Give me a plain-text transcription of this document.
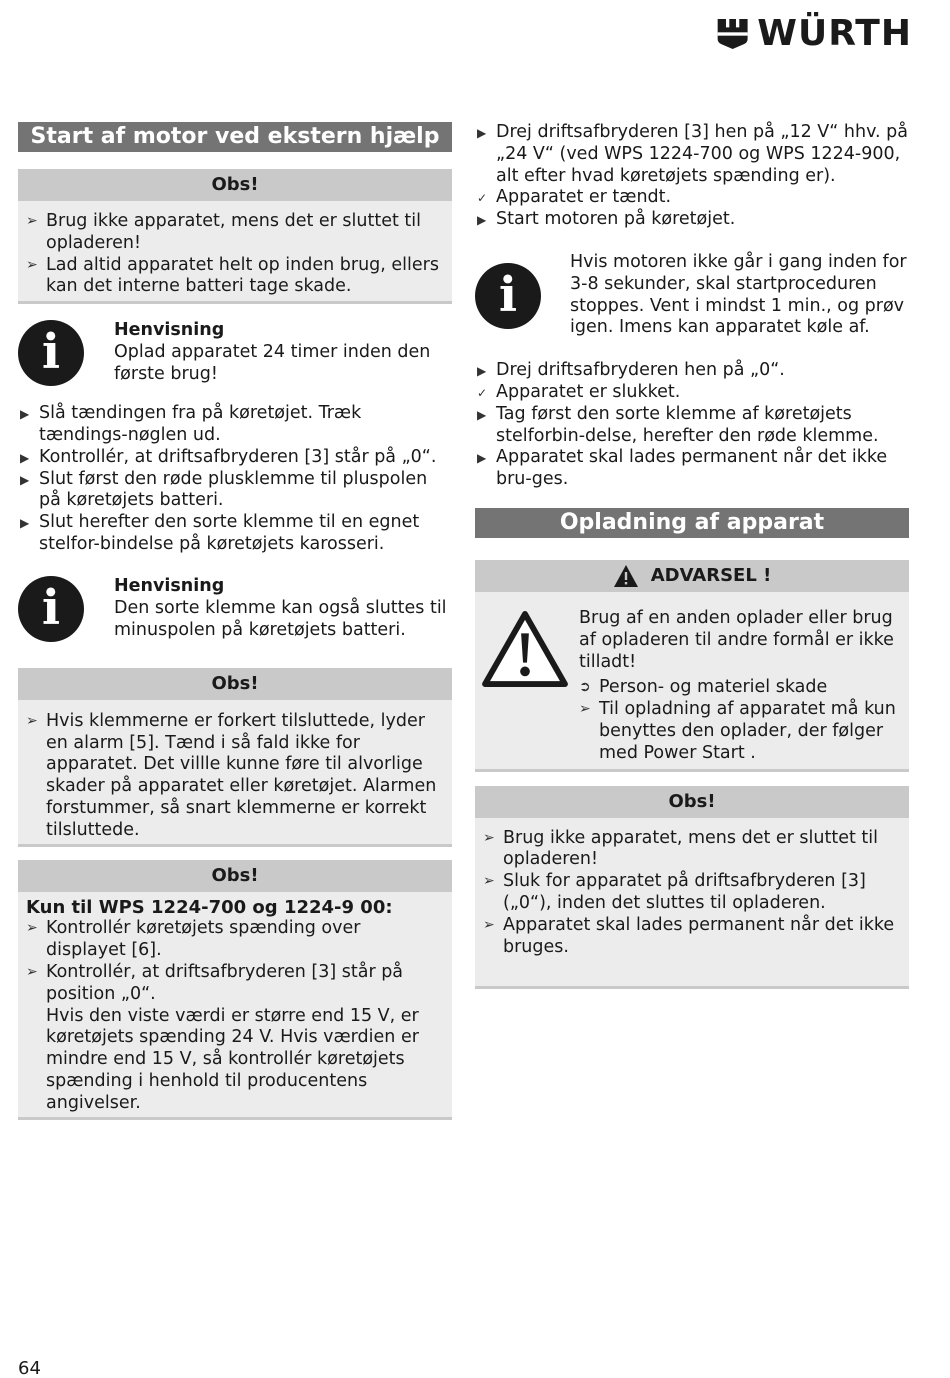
WÜRTH
Start af motor ved ekstern hjælp
Obs!
➢ Brug ikke apparatet, mens det er sluttet til opladeren!
➢ Lad altid apparatet helt op inden brug, ellers kan det interne batteri tage skade.
i	Henvisning
Oplad apparatet 24 timer inden den første brug!
▶ Slå tændingen fra på køretøjet. Træk tændings-nøglen ud.
▶ Kontrollér, at driftsafbryderen [3] står på „0“.
▶ Slut først den røde plusklemme til pluspolen på køretøjets batteri.
▶ Slut herefter den sorte klemme til en egnet stelfor-bindelse på køretøjets karosseri.
i	Henvisning
Den sorte klemme kan også sluttes til minuspolen på køretøjets batteri.
Obs!
➢ Hvis klemmerne er forkert tilsluttede, lyder en alarm [5]. Tænd i så fald ikke for apparatet. Det villle kunne føre til alvorlige skader på apparatet eller køretøjet. Alarmen forstummer, så snart klemmerne er korrekt tilsluttede.
Obs!
Kun til WPS 1224-700 og 1224-9 00:
➢ Kontrollér køretøjets spænding over displayet [6].
➢ Kontrollér, at driftsafbryderen [3] står på position „0“.
Hvis den viste værdi er større end 15 V, er køretøjets spænding 24 V. Hvis værdien er mindre end 15 V, så kontrollér køretøjets spænding i henhold til producentens angivelser.
▶ Drej driftsafbryderen [3] hen på „12 V“ hhv. på „24 V“ (ved WPS 1224-700 og WPS 1224-900, alt efter hvad køretøjets spænding er).
✓ Apparatet er tændt.
▶ Start motoren på køretøjet.
i
Hvis motoren ikke går i gang inden for 3-8 sekunder, skal startproceduren stoppes. Vent i mindst 1 min., og prøv igen. Imens kan apparatet køle af.
▶ Drej driftsafbryderen hen på „0“.
✓ Apparatet er slukket.
▶ Tag først den sorte klemme af køretøjets stelforbin-delse, herefter den røde klemme.
▶ Apparatet skal lades permanent når det ikke bru-ges.
Opladning af apparat
ADVARSEL !
Brug af en anden oplader eller brug af opladeren til andre formål er ikke tilladt!
➲ Person- og materiel skade
➢ Til opladning af apparatet må kun benyttes den oplader, der følger med Power Start .
Obs!
➢ Brug ikke apparatet, mens det er sluttet til opladeren!
➢ Sluk for apparatet på driftsafbryderen [3] („0“), inden det sluttes til opladeren.
➢ Apparatet skal lades permanent når det ikke bruges.
64
